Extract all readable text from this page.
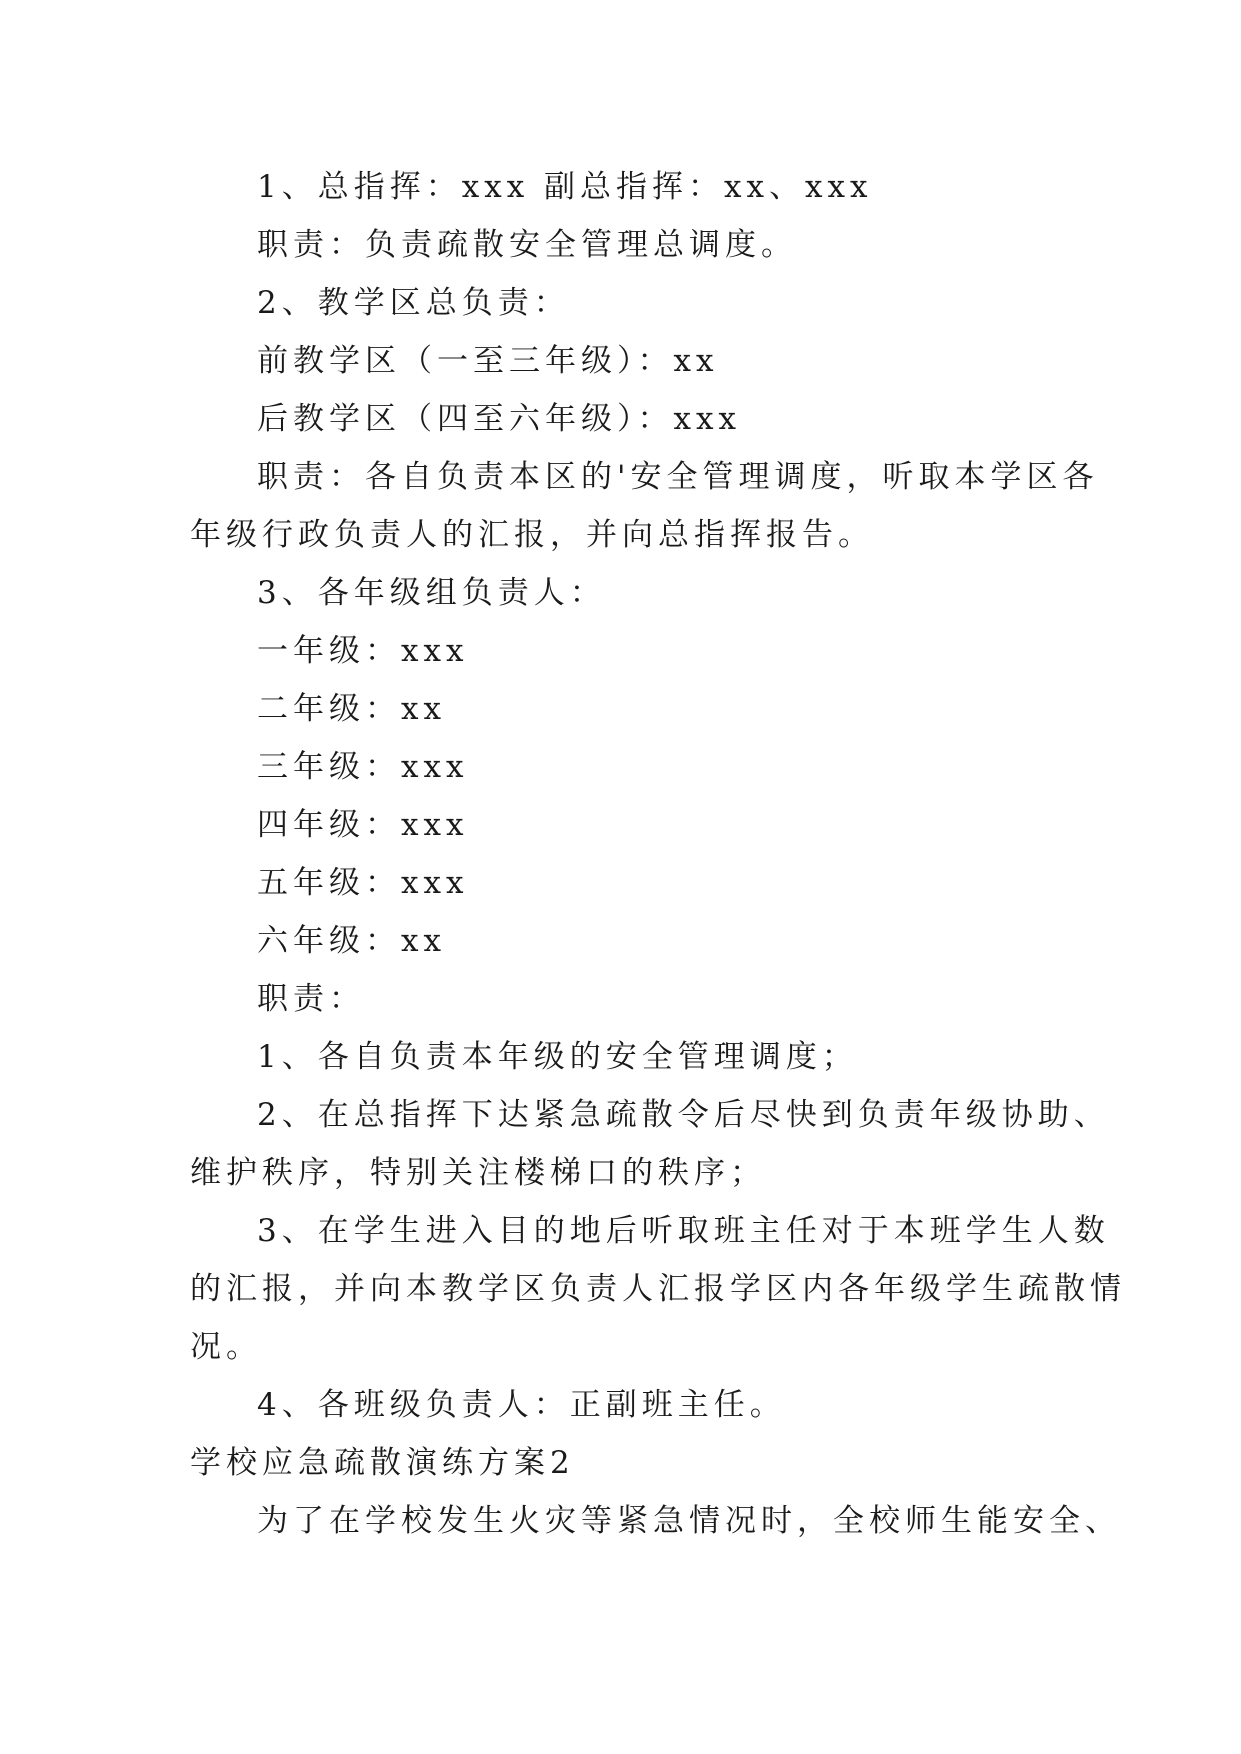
1、总指挥：xxx 副总指挥：xx、xxx
职责：负责疏散安全管理总调度。
2、教学区总负责：
前教学区（一至三年级）：xx
后教学区（四至六年级）：xxx
职责：各自负责本区的'安全管理调度，听取本学区各
年级行政负责人的汇报，并向总指挥报告。
3、各年级组负责人：
一年级：xxx
二年级：xx
三年级：xxx
四年级：xxx
五年级：xxx
六年级：xx
职责：
1、各自负责本年级的安全管理调度；
2、在总指挥下达紧急疏散令后尽快到负责年级协助、
维护秩序，特别关注楼梯口的秩序；
3、在学生进入目的地后听取班主任对于本班学生人数
的汇报，并向本教学区负责人汇报学区内各年级学生疏散情
况。
4、各班级负责人：正副班主任。
学校应急疏散演练方案2
为了在学校发生火灾等紧急情况时，全校师生能安全、
